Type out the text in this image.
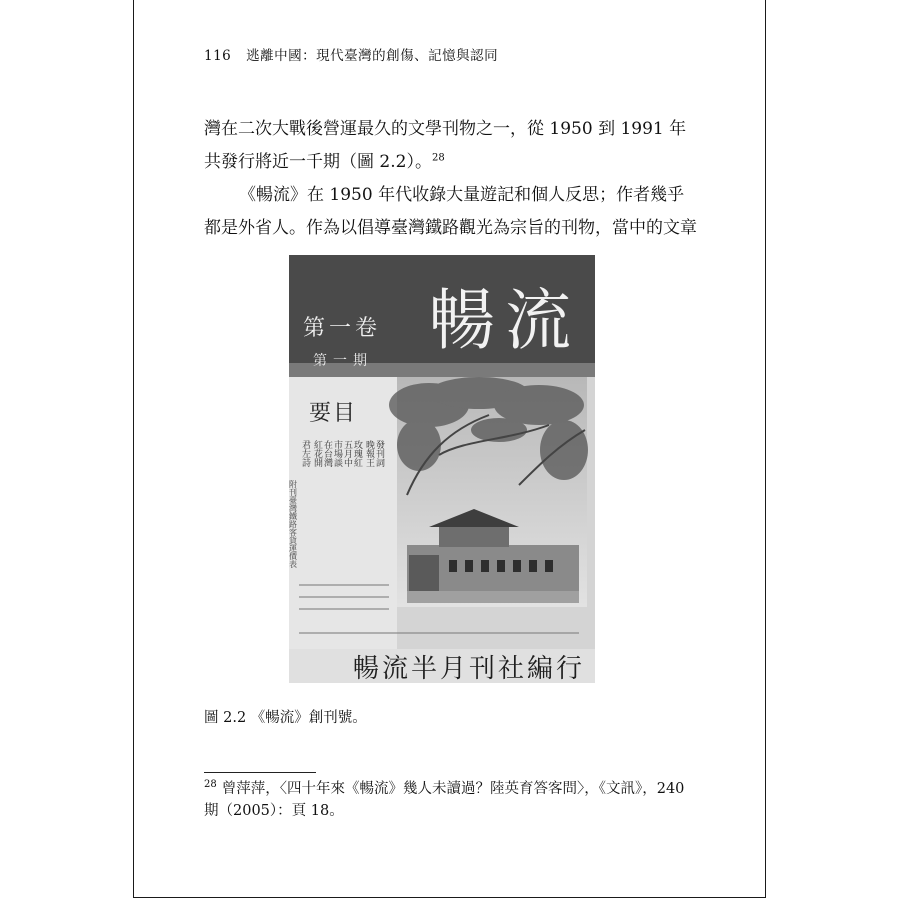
116 逃離中國：現代臺灣的創傷、記憶與認同

灣在二次大戰後營運最久的文學刊物之一，從 1950 到 1991 年共發行將近一千期（圖 2.2）。$^{28}$

《暢流》在 1950 年代收錄大量遊記和個人反思；作者幾乎都是外省人。作為以倡導臺灣鐵路觀光為宗旨的刊物，當中的文章

暢流
第一卷
第一期
要目
發刊詞
晚報王
玫瑰紅
五月中
市場談
在台灣
紅花開
君左詩
附刊臺灣鐵路客貨運價表
暢流半月刊社編行
圖 2.2 《暢流》創刊號。
$^{28}$ 曾萍萍，〈四十年來《暢流》幾人未讀過？陸英育答客問〉，《文訊》，240
期（2005）：頁 18。
